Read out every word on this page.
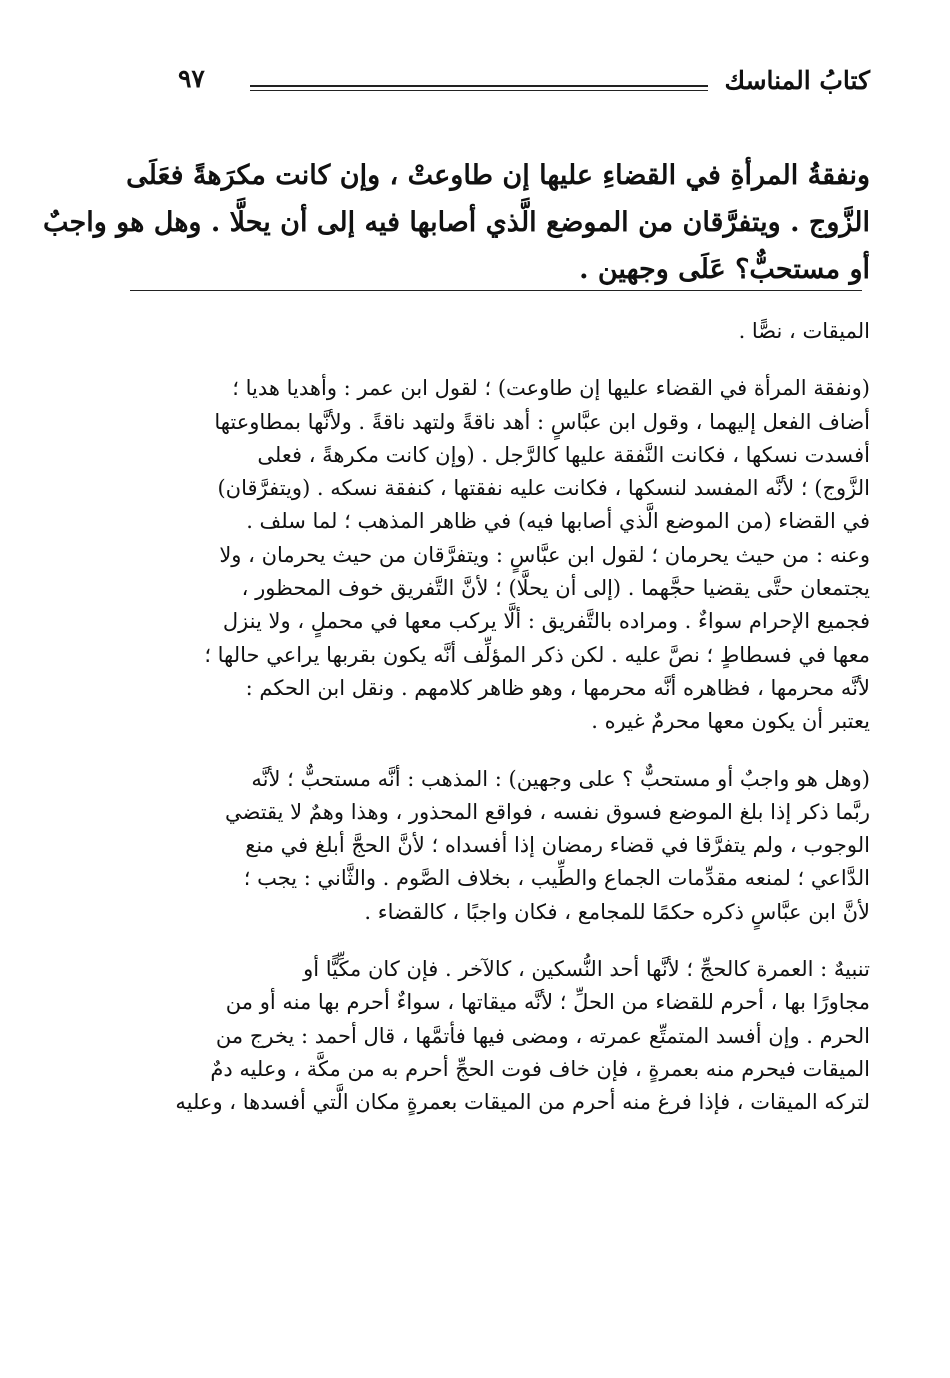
كتابُ المناسك
٩٧
ونفقةُ المرأةِ في القضاءِ عليها إن طاوعتْ ، وإن كانت مكرَهةً فعَلَى
الزَّوج . ويتفرَّقان من الموضع الَّذي أصابها فيه إلى أن يحلَّا . وهل هو واجبٌ
أو مستحبٌّ؟ عَلَى وجهين .
الميقات ، نصًّا .
(ونفقة المرأة في القضاء عليها إن طاوعت) ؛ لقول ابن عمر : وأهديا هديا ؛
أضاف الفعل إليهما ، وقول ابن عبَّاسٍ : أهد ناقةً ولتهد ناقةً . ولأنَّها بمطاوعتها
أفسدت نسكها ، فكانت النَّفقة عليها كالرَّجل . (وإن كانت مكرهةً ، فعلى
الزَّوج) ؛ لأنَّه المفسد لنسكها ، فكانت عليه نفقتها ، كنفقة نسكه . (ويتفرَّقان)
في القضاء (من الموضع الَّذي أصابها فيه) في ظاهر المذهب ؛ لما سلف .
وعنه : من حيث يحرمان ؛ لقول ابن عبَّاسٍ : ويتفرَّقان من حيث يحرمان ، ولا
يجتمعان حتَّى يقضيا حجَّهما . (إلى أن يحلَّا) ؛ لأنَّ التَّفريق خوف المحظور ،
فجميع الإحرام سواءٌ . ومراده بالتَّفريق : ألَّا يركب معها في محملٍ ، ولا ينزل
معها في فسطاطٍ ؛ نصَّ عليه . لكن ذكر المؤلِّف أنَّه يكون بقربها يراعي حالها ؛
لأنَّه محرمها ، فظاهره أنَّه محرمها ، وهو ظاهر كلامهم . ونقل ابن الحكم :
يعتبر أن يكون معها محرمٌ غيره .
(وهل هو واجبٌ أو مستحبٌّ ؟ على وجهين) : المذهب : أنَّه مستحبٌّ ؛ لأنَّه
ربَّما ذكر إذا بلغ الموضع فسوق نفسه ، فواقع المحذور ، وهذا وهمٌ لا يقتضي
الوجوب ، ولم يتفرَّقا في قضاء رمضان إذا أفسداه ؛ لأنَّ الحجَّ أبلغ في منع
الدَّاعي ؛ لمنعه مقدِّمات الجماع والطِّيب ، بخلاف الصَّوم . والثَّاني : يجب ؛
لأنَّ ابن عبَّاسٍ ذكره حكمًا للمجامع ، فكان واجبًا ، كالقضاء .
تنبيهٌ : العمرة كالحجِّ ؛ لأنَّها أحد النُّسكين ، كالآخر . فإن كان مكِّيًّا أو
مجاورًا بها ، أحرم للقضاء من الحلِّ ؛ لأنَّه ميقاتها ، سواءٌ أحرم بها منه أو من
الحرم . وإن أفسد المتمتِّع عمرته ، ومضى فيها فأتمَّها ، قال أحمد : يخرج من
الميقات فيحرم منه بعمرةٍ ، فإن خاف فوت الحجِّ أحرم به من مكَّة ، وعليه دمٌ
لتركه الميقات ، فإذا فرغ منه أحرم من الميقات بعمرةٍ مكان الَّتي أفسدها ، وعليه
